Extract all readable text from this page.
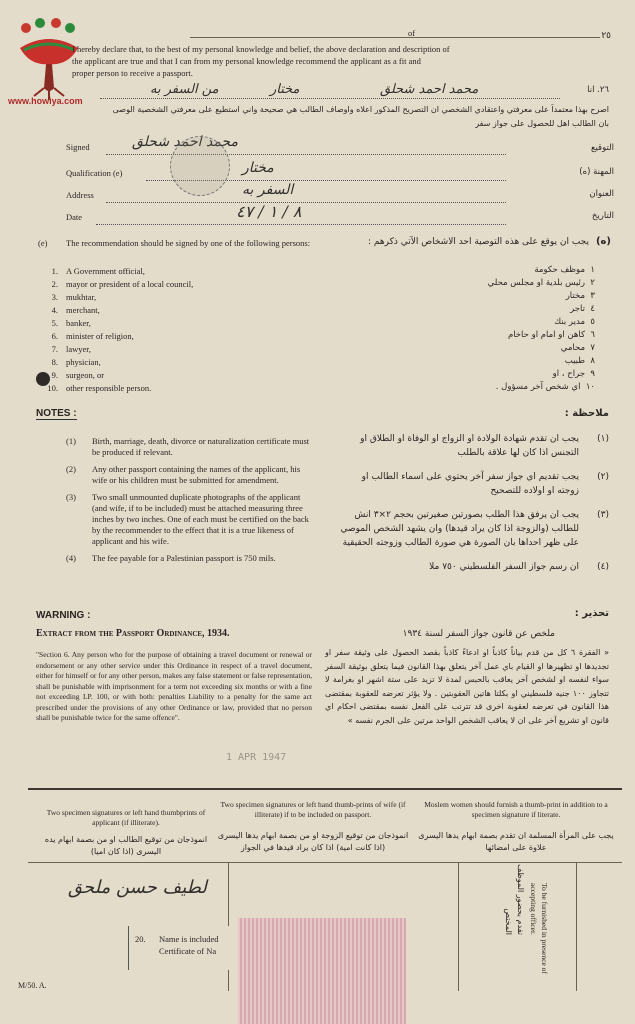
of	٢٥
www.howiya.com
I hereby declare that, to the best of my personal knowledge and belief, the above declaration and description of
the applicant are true and that I can from my personal knowledge recommend the applicant as a fit and
proper person to receive a passport.
٢٦. انا
محمد احمد شحلق
مختار
من السفر به
اصرح بهذا معتمداً على معرفتي واعتقادي الشخصي ان التصريح المذكور اعلاه واوصاف الطالب هي صحيحة واني استطيع على معرفتي الشخصية الوصى
بان الطالب اهل للحصول على جواز سفر
Signed	محمد احمد شحلق	التوقيع
Qualification (e)	مختار	المهنة (ه)
Address	السفر به	العنوان
Date	٨ / ١ / ٤٧	التاريخ
(e) The recommendation should be signed by one of the following persons:	(ه)
يجب ان يوقع على هذه التوصية احد الاشخاص الآتي ذكرهم :
1. A Government official,
2. mayor or president of a local council,
3. mukhtar,
4. merchant,
5. banker,
6. minister of religion,
7. lawyer,
8. physician,
9. surgeon, or
10. other responsible person.
١  موظف حكومة
٢  رئيس بلدية او مجلس محلي
٣  مختار
٤  تاجر
٥  مدير بنك
٦  كاهن او امام او حاخام
٧  محامي
٨  طبيب
٩  جراح ، او
١٠  اي شخص آخر مسؤول .
NOTES :	ملاحظة :
(1) Birth, marriage, death, divorce or naturalization certificate must be produced if relevant.
(2) Any other passport containing the names of the applicant, his wife or his children must be submitted for amendment.
(3) Two small unmounted duplicate photographs of the applicant (and wife, if to be included) must be attached measuring three inches by two inches. One of each must be certified on the back by the recommender to the effect that it is a true likeness of applicant and his wife.
(4) The fee payable for a Palestinian passport is 750 mils.
(١)
يجب ان تقدم شهادة الولادة او الزواج او الوفاة او الطلاق او التجنس اذا كان لها علاقة بالطلب
(٢)
يجب تقديم اي جواز سفر آخر يحتوي على اسماء الطالب او زوجته او اولاده للتصحيح
(٣)
يجب ان يرفق هذا الطلب بصورتين صغيرتين بحجم ٢×٣ انش للطالب (والزوجة اذا كان يراد قيدها) وان يشهد الشخص الموصي على ظهر احداها بان الصورة هي صورة الطالب وزوجته الحقيقية
(٤)
ان رسم جواز السفر الفلسطيني ٧٥٠ ملا
WARNING :	تحذير :
Extract from the Passport Ordinance, 1934.	ملخص عن قانون جواز السفر لسنة ١٩٣٤
"Section 6. Any person who for the purpose of obtaining a travel document or renewal or endorsement or any other service under this Ordinance in respect of a travel document, either for himself or for any other person, makes any false statement or false representation, shall be punishable with imprisonment for a term not exceeding six months or with a fine not exceeding LP. 100, or with both: penalties Liability to a penalty for the same act prescribed under the provisions of any other Ordinance or law, provided that no person shall be punishable twice for the same offence".
« الفقرة ٦ كل من قدم بياناً كاذباً او ادعاءً كاذباً بقصد الحصول على وثيقة سفر او تجديدها او تظهيرها او القيام باي عمل آخر يتعلق بهذا القانون فيما يتعلق بوثيقة السفر سواء لنفسه او لشخص آخر يعاقب بالحبس لمدة لا تزيد على ستة اشهر او بغرامة لا تتجاوز ١٠٠ جنيه فلسطيني او بكلتا هاتين العقوبتين . ولا يؤثر تعرضه للعقوبة بمقتضى هذا القانون في تعرضه لعقوبة اخرى قد تترتب على الفعل نفسه بمقتضى احكام اي قانون او تشريع آخر على ان لا يعاقب الشخص الواحد مرتين على الجرم نفسه »
1 APR 1947
Two specimen signatures or left hand thumbprints of applicant (if illiterate).
Two specimen signatures or left hand thumb-prints of wife (if illiterate) if to be included on passport.
Moslem women should furnish a thumb-print in addition to a specimen signature if literate.
انموذجان من توقيع الطالب او من بصمة ابهام يده اليسرى (اذا كان اميا)
انموذجان من توقيع الزوجة او من بصمة ابهام يدها اليسرى (اذا كانت امية) اذا كان يراد قيدها في الجواز
يجب على المرأة المسلمة ان تقدم بصمة ابهام يدها اليسرى علاوة على امضائها
لطيف حسن ملحق	To be furnished in presence of accepting officer.
تقدم بحضور الموظف المختص
20. Name is included
Certificate of Na
M/50. A.
